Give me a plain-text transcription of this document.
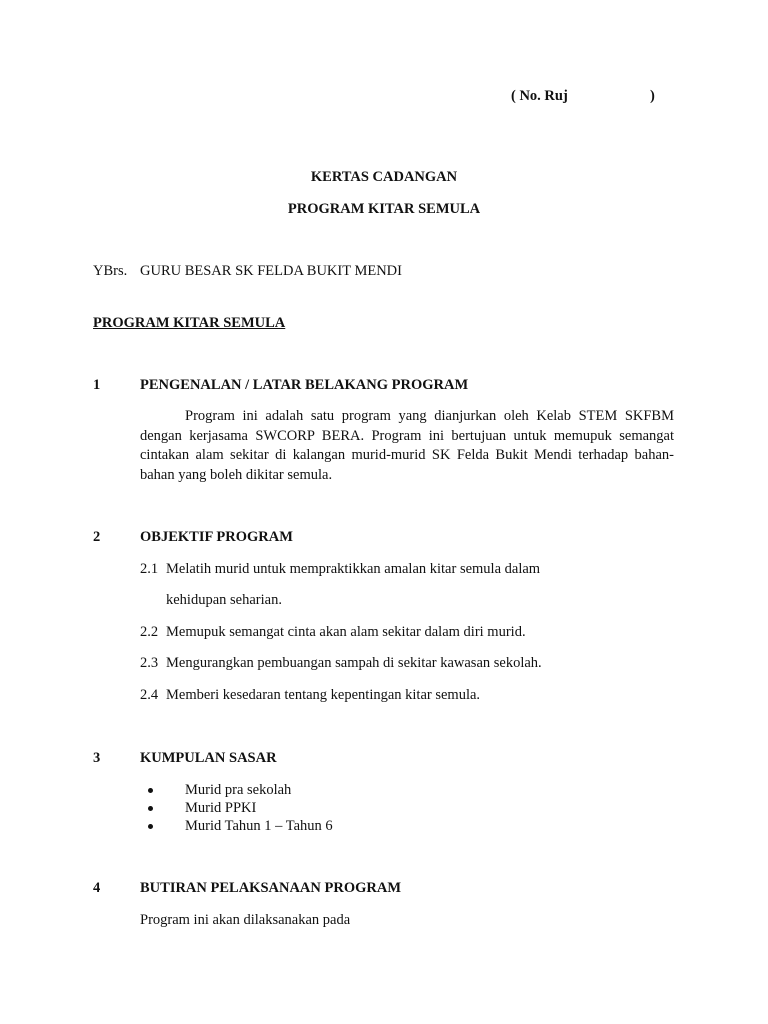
( No. Ruj	)

KERTAS CADANGAN

PROGRAM KITAR SEMULA

YBrs. GURU BESAR SK FELDA BUKIT MENDI

PROGRAM KITAR SEMULA

1	PENGENALAN / LATAR BELAKANG PROGRAM

Program ini adalah satu program yang dianjurkan oleh Kelab STEM SKFBM dengan kerjasama SWCORP BERA. Program ini bertujuan untuk memupuk semangat cintakan alam sekitar di kalangan murid-murid SK Felda Bukit Mendi terhadap bahan-bahan yang boleh dikitar semula.

2	OBJEKTIF PROGRAM

2.1 Melatih murid untuk mempraktikkan amalan kitar semula dalam

kehidupan seharian.

2.2 Memupuk semangat cinta akan alam sekitar dalam diri murid.

2.3 Mengurangkan pembuangan sampah di sekitar kawasan sekolah.

2.4 Memberi kesedaran tentang kepentingan kitar semula.

3	KUMPULAN SASAR

Murid pra sekolah
Murid PPKI
Murid Tahun 1 – Tahun 6

4	BUTIRAN PELAKSANAAN PROGRAM

Program ini akan dilaksanakan pada
